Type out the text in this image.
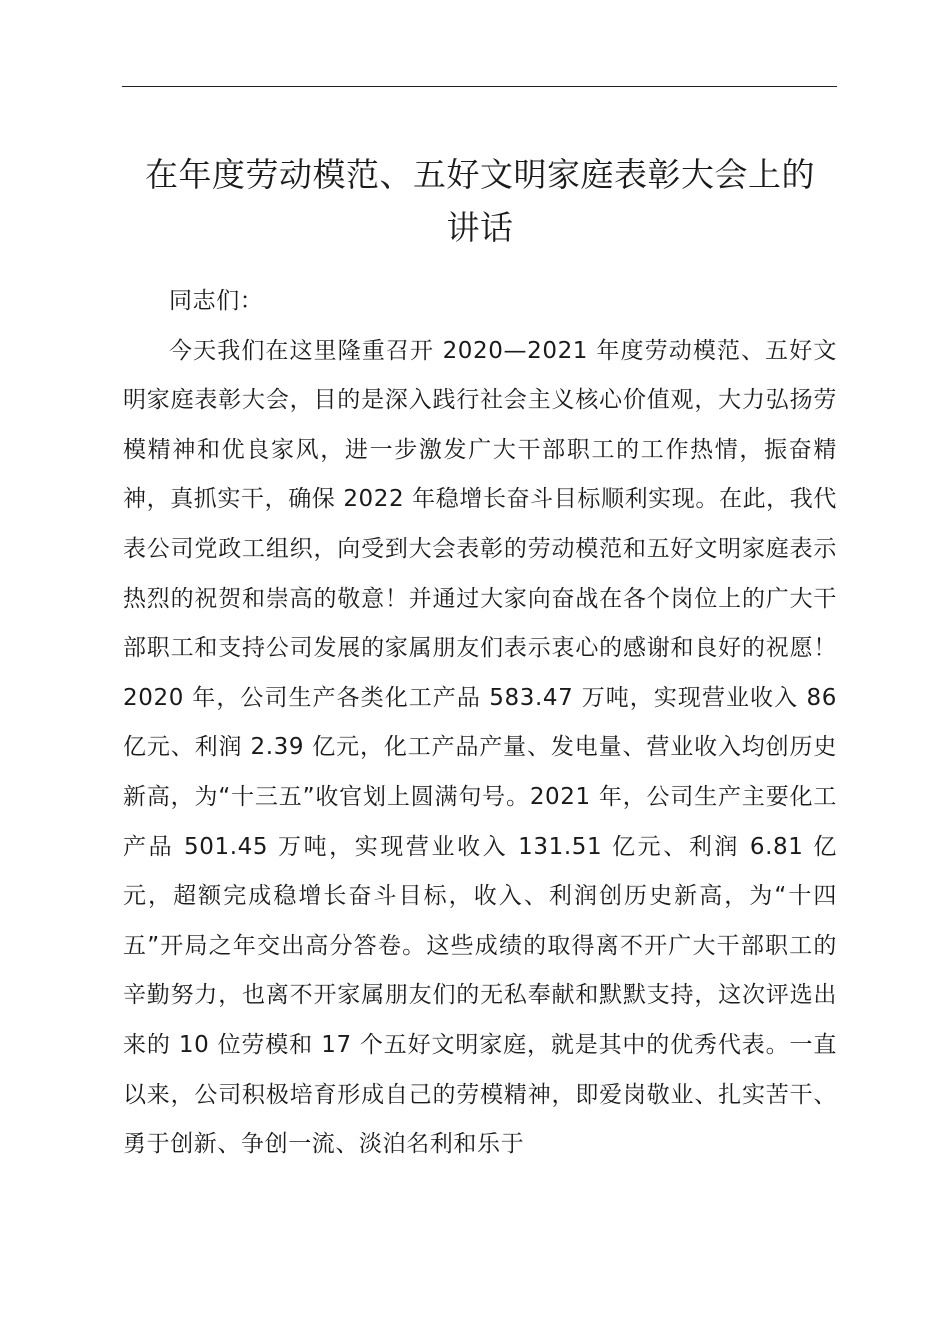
在年度劳动模范、五好文明家庭表彰大会上的
讲话

同志们：

今天我们在这里隆重召开 2020—2021 年度劳动模范、五好文明家庭表彰大会，目的是深入践行社会主义核心价值观，大力弘扬劳模精神和优良家风，进一步激发广大干部职工的工作热情，振奋精神，真抓实干，确保 2022 年稳增长奋斗目标顺利实现。在此，我代表公司党政工组织，向受到大会表彰的劳动模范和五好文明家庭表示热烈的祝贺和崇高的敬意！并通过大家向奋战在各个岗位上的广大干部职工和支持公司发展的家属朋友们表示衷心的感谢和良好的祝愿！2020 年，公司生产各类化工产品 583.47 万吨，实现营业收入 86 亿元、利润 2.39 亿元，化工产品产量、发电量、营业收入均创历史新高，为“十三五”收官划上圆满句号。2021 年，公司生产主要化工产品 501.45 万吨，实现营业收入 131.51 亿元、利润 6.81 亿元，超额完成稳增长奋斗目标，收入、利润创历史新高，为“十四五”开局之年交出高分答卷。这些成绩的取得离不开广大干部职工的辛勤努力，也离不开家属朋友们的无私奉献和默默支持，这次评选出来的 10 位劳模和 17 个五好文明家庭，就是其中的优秀代表。一直以来，公司积极培育形成自己的劳模精神，即爱岗敬业、扎实苦干、勇于创新、争创一流、淡泊名利和乐于
